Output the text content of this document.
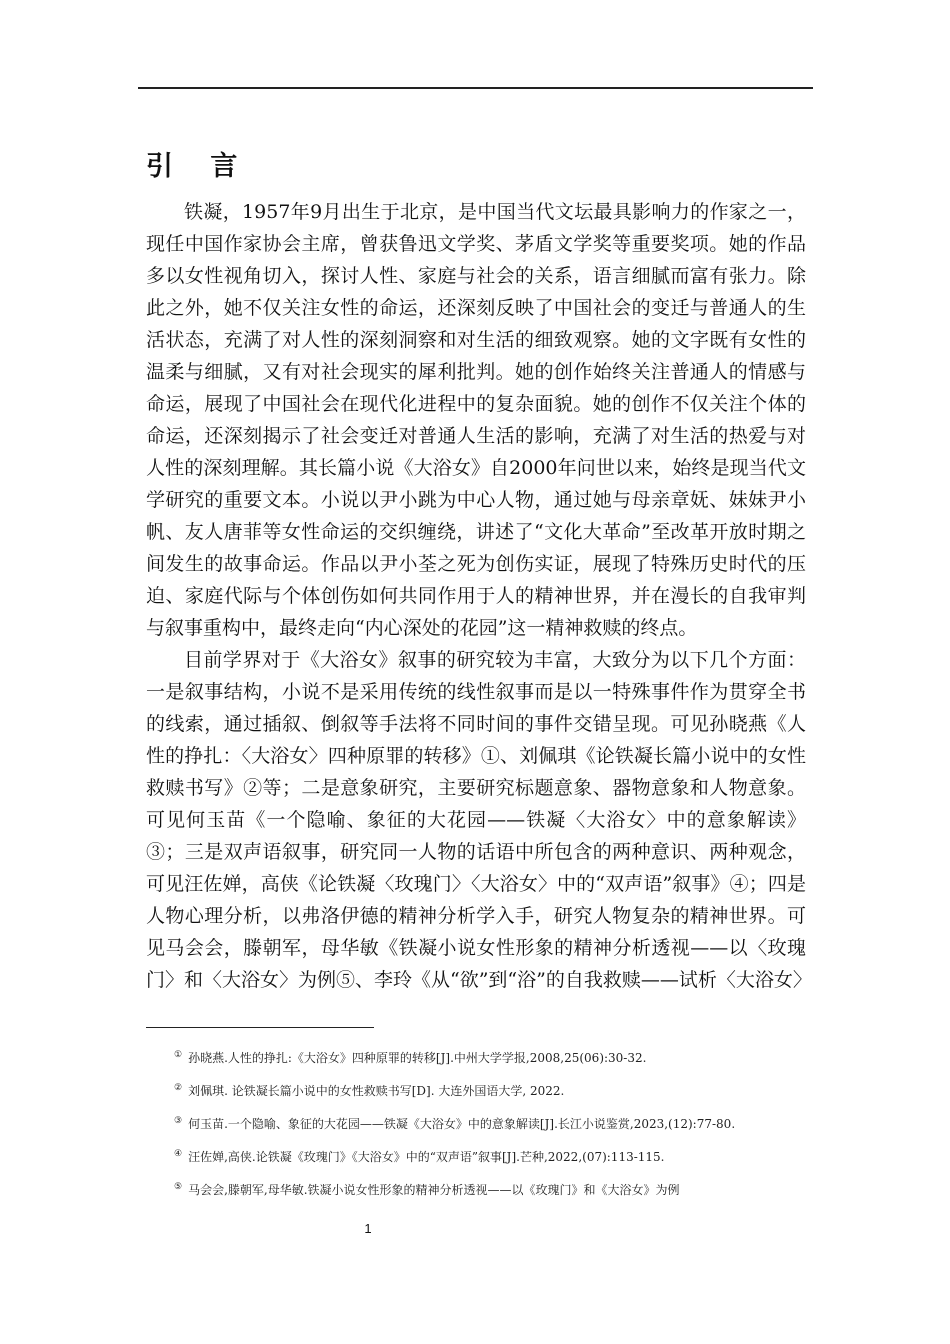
引 言

铁凝，1957年9月出生于北京，是中国当代文坛最具影响力的作家之一，现任中国作家协会主席，曾获鲁迅文学奖、茅盾文学奖等重要奖项。她的作品多以女性视角切入，探讨人性、家庭与社会的关系，语言细腻而富有张力。除此之外，她不仅关注女性的命运，还深刻反映了中国社会的变迁与普通人的生活状态，充满了对人性的深刻洞察和对生活的细致观察。她的文字既有女性的温柔与细腻，又有对社会现实的犀利批判。她的创作始终关注普通人的情感与命运，展现了中国社会在现代化进程中的复杂面貌。她的创作不仅关注个体的命运，还深刻揭示了社会变迁对普通人生活的影响，充满了对生活的热爱与对人性的深刻理解。其长篇小说《大浴女》自2000年问世以来，始终是现当代文学研究的重要文本。小说以尹小跳为中心人物，通过她与母亲章妩、妹妹尹小帆、友人唐菲等女性命运的交织缠绕，讲述了“文化大革命”至改革开放时期之间发生的故事命运。作品以尹小荃之死为创伤实证，展现了特殊历史时代的压迫、家庭代际与个体创伤如何共同作用于人的精神世界，并在漫长的自我审判与叙事重构中，最终走向“内心深处的花园”这一精神救赎的终点。

目前学界对于《大浴女》叙事的研究较为丰富，大致分为以下几个方面：一是叙事结构，小说不是采用传统的线性叙事而是以一特殊事件作为贯穿全书的线索，通过插叙、倒叙等手法将不同时间的事件交错呈现。可见孙晓燕《人性的挣扎：〈大浴女〉四种原罪的转移》①、刘佩琪《论铁凝长篇小说中的女性救赎书写》②等；二是意象研究，主要研究标题意象、器物意象和人物意象。可见何玉苗《一个隐喻、象征的大花园——铁凝〈大浴女〉中的意象解读》③；三是双声语叙事，研究同一人物的话语中所包含的两种意识、两种观念，可见汪佐婵，高侠《论铁凝〈玫瑰门〉〈大浴女〉中的“双声语”叙事》④；四是人物心理分析，以弗洛伊德的精神分析学入手，研究人物复杂的精神世界。可见马会会，滕朝军，母华敏《铁凝小说女性形象的精神分析透视——以〈玫瑰门〉和〈大浴女〉为例⑤、李玲《从“欲”到“浴”的自我救赎——试析〈大浴女〉

① 孙晓燕.人性的挣扎:《大浴女》四种原罪的转移[J].中州大学学报,2008,25(06):30-32.

② 刘佩琪. 论铁凝长篇小说中的女性救赎书写[D]. 大连外国语大学, 2022.

③ 何玉苗.一个隐喻、象征的大花园——铁凝《大浴女》中的意象解读[J].长江小说鉴赏,2023,(12):77-80.

④ 汪佐婵,高侠.论铁凝《玫瑰门》《大浴女》中的“双声语”叙事[J].芒种,2022,(07):113-115.

⑤ 马会会,滕朝军,母华敏.铁凝小说女性形象的精神分析透视——以《玫瑰门》和《大浴女》为例

1
